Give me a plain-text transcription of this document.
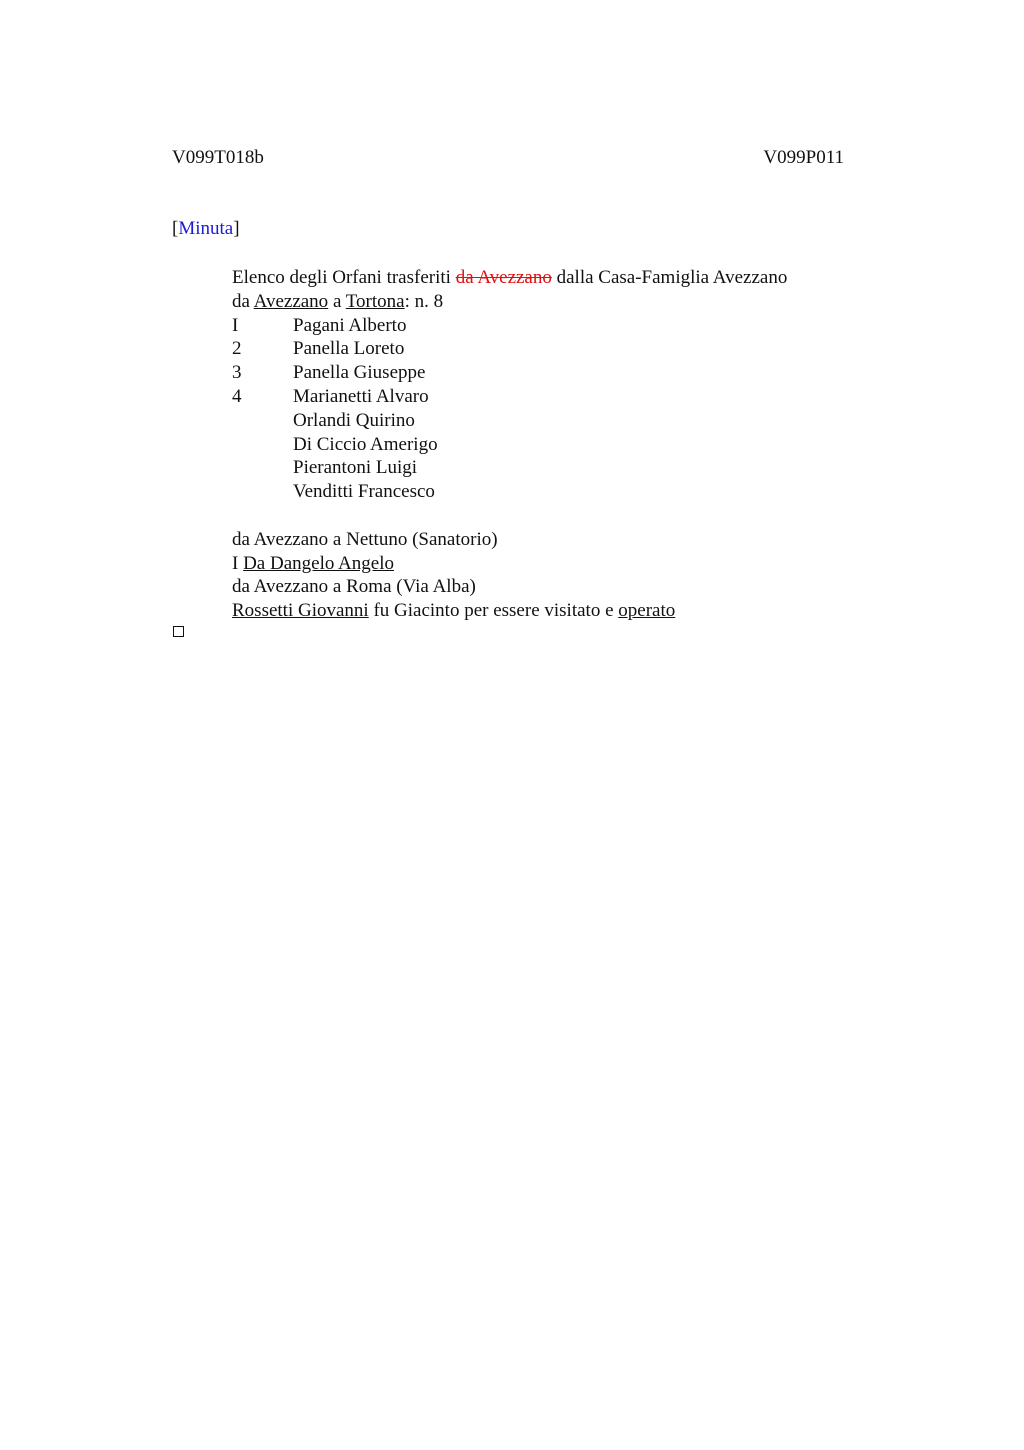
V099T018b	V099P011
[Minuta]
Elenco degli Orfani trasferiti da Avezzano dalla Casa-Famiglia Avezzano
da Avezzano a Tortona: n. 8
I	Pagani Alberto
2	Panella Loreto
3	Panella Giuseppe
4	Marianetti Alvaro
Orlandi Quirino
Di Ciccio Amerigo
Pierantoni Luigi
Venditti Francesco
da Avezzano a Nettuno (Sanatorio)
I Da Dangelo Angelo
da Avezzano a Roma (Via Alba)
Rossetti Giovanni fu Giacinto per essere visitato e operato
